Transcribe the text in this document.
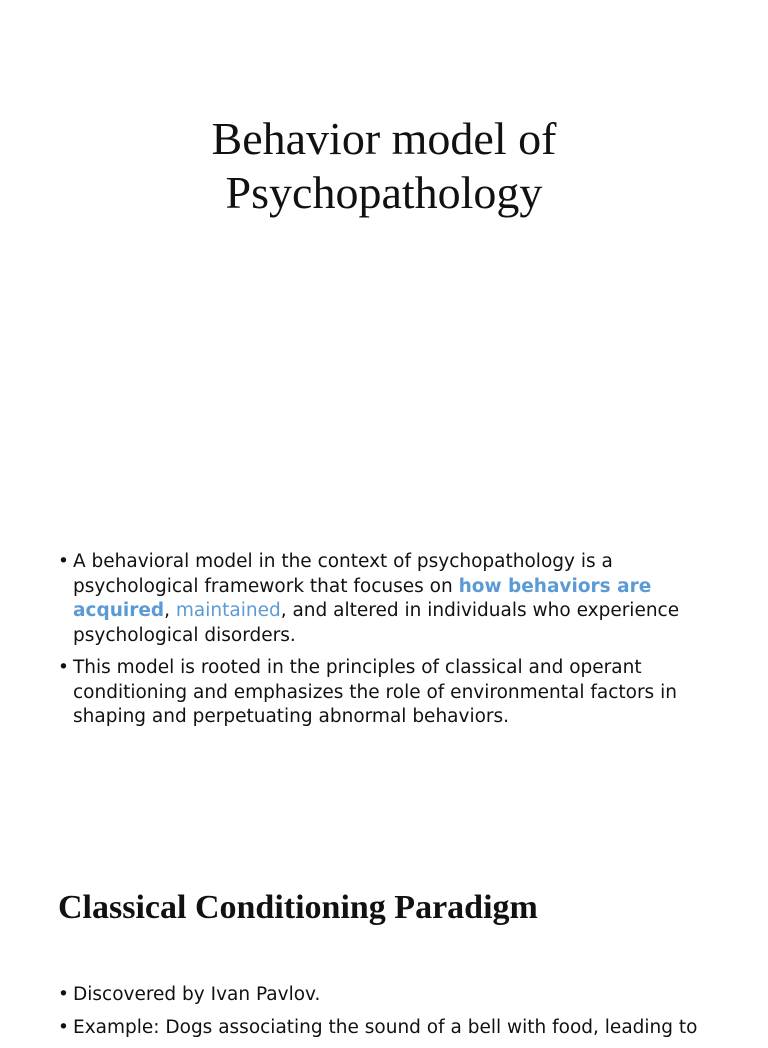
Behavior model of
Psychopathology
• A behavioral model in the context of psychopathology is a psychological framework that focuses on how behaviors are acquired, maintained, and altered in individuals who experience psychological disorders.
• This model is rooted in the principles of classical and operant conditioning and emphasizes the role of environmental factors in shaping and perpetuating abnormal behaviors.
Classical Conditioning Paradigm
• Discovered by Ivan Pavlov.
• Example: Dogs associating the sound of a bell with food, leading to
